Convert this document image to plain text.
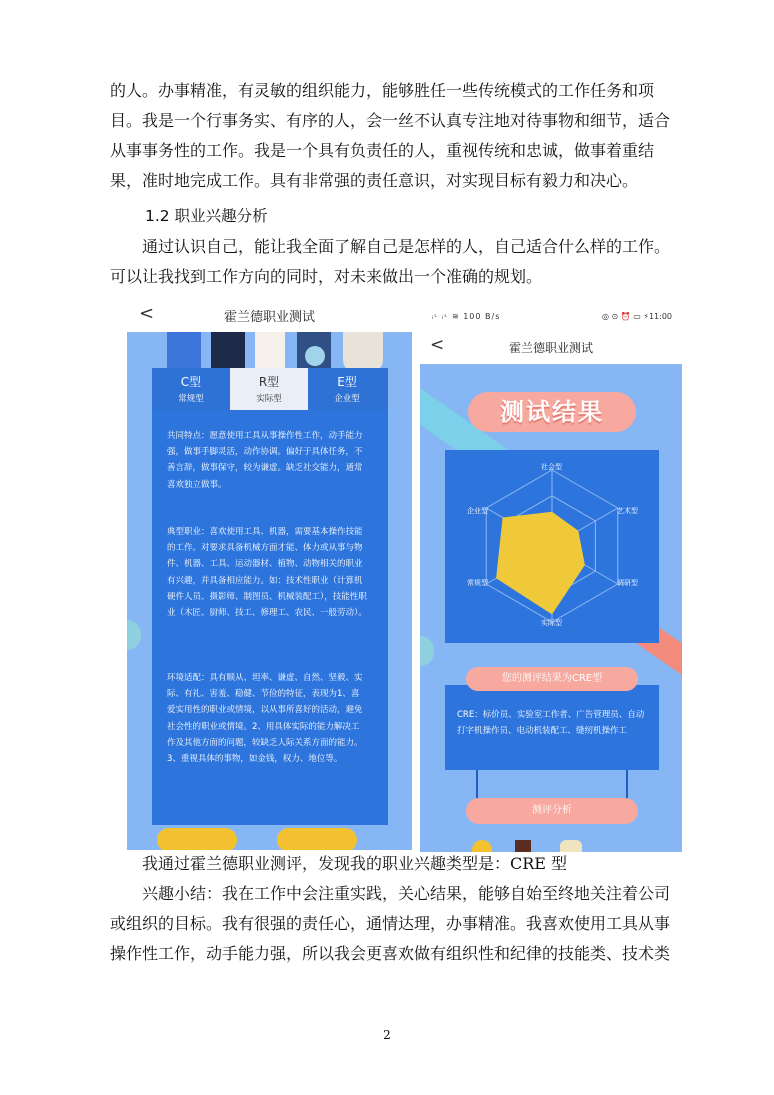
的人。办事精准，有灵敏的组织能力，能够胜任一些传统模式的工作任务和项目。我是一个行事务实、有序的人，会一丝不认真专注地对待事物和细节，适合从事事务性的工作。我是一个具有负责任的人，重视传统和忠诚，做事着重结果，准时地完成工作。具有非常强的责任意识，对实现目标有毅力和决心。

1.2 职业兴趣分析

通过认识自己，能让我全面了解自己是怎样的人，自己适合什么样的工作。可以让我找到工作方向的同时，对未来做出一个准确的规划。

<	霍兰德职业测试
C型
常规型
R型
实际型
E型
企业型
共同特点：愿意使用工具从事操作性工作，动手能力强，做事手脚灵活，动作协调。偏好于具体任务，不善言辞，做事保守，较为谦虚。缺乏社交能力，通常喜欢独立做事。
典型职业：喜欢使用工具、机器，需要基本操作技能的工作。对要求具备机械方面才能、体力或从事与物件、机器、工具、运动器材、植物、动物相关的职业有兴趣，并具备相应能力。如：技术性职业（计算机硬件人员、摄影师、制图员、机械装配工），技能性职业（木匠、厨师、技工、修理工、农民、一般劳动）。
环境适配：具有顺从、坦率、谦虚、自然、坚毅、实际、有礼、害羞、稳健、节俭的特征，表现为1、喜爱实用性的职业或情境，以从事所喜好的活动，避免社会性的职业或情境。2、用具体实际的能力解决工作及其他方面的问题，较缺乏人际关系方面的能力。3、重视具体的事物，如金钱，权力、地位等。
ᵢᶫ ᵢᶫ ≋ 100 B/s	◎ ⊙ ⏰ ▭ ⚡11:00
<	霍兰德职业测试
测试结果
社会型
企业型	艺术型
常规型	调研型
实际型
CRE：标价员、实验室工作者、广告管理员、自动打字机操作员、电动机装配工、缝纫机操作工
您的测评结果为CRE型
测评分析

我通过霍兰德职业测评，发现我的职业兴趣类型是：CRE 型

兴趣小结：我在工作中会注重实践，关心结果，能够自始至终地关注着公司或组织的目标。我有很强的责任心，通情达理，办事精准。我喜欢使用工具从事操作性工作，动手能力强，所以我会更喜欢做有组织性和纪律的技能类、技术类

2
